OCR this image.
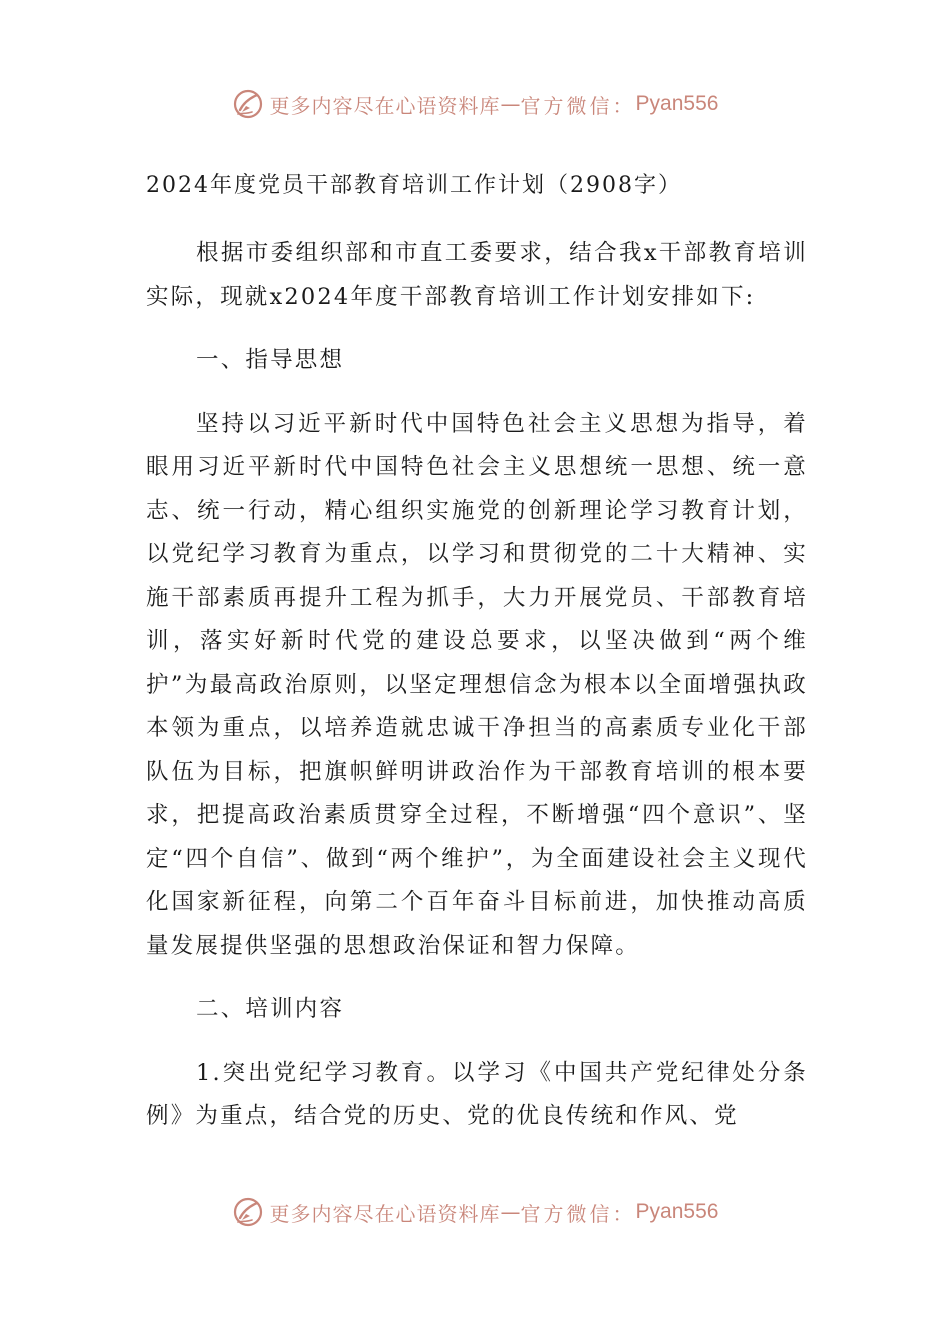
更多内容尽在心语资料库 — 官方微信： Pyan556
2024年度党员干部教育培训工作计划（2908字）

根据市委组织部和市直工委要求，结合我x干部教育培训实际，现就x2024年度干部教育培训工作计划安排如下:

一、指导思想

坚持以习近平新时代中国特色社会主义思想为指导，着眼用习近平新时代中国特色社会主义思想统一思想、统一意志、统一行动，精心组织实施党的创新理论学习教育计划，以党纪学习教育为重点，以学习和贯彻党的二十大精神、实施干部素质再提升工程为抓手，大力开展党员、干部教育培训，落实好新时代党的建设总要求，以坚决做到“两个维护”为最高政治原则，以坚定理想信念为根本以全面增强执政本领为重点，以培养造就忠诚干净担当的高素质专业化干部队伍为目标，把旗帜鲜明讲政治作为干部教育培训的根本要求，把提高政治素质贯穿全过程，不断增强“四个意识”、坚定“四个自信”、做到“两个维护”，为全面建设社会主义现代化国家新征程，向第二个百年奋斗目标前进，加快推动高质量发展提供坚强的思想政治保证和智力保障。

二、培训内容

1.突出党纪学习教育。以学习《中国共产党纪律处分条例》为重点，结合党的历史、党的优良传统和作风、党

更多内容尽在心语资料库 — 官方微信： Pyan556
